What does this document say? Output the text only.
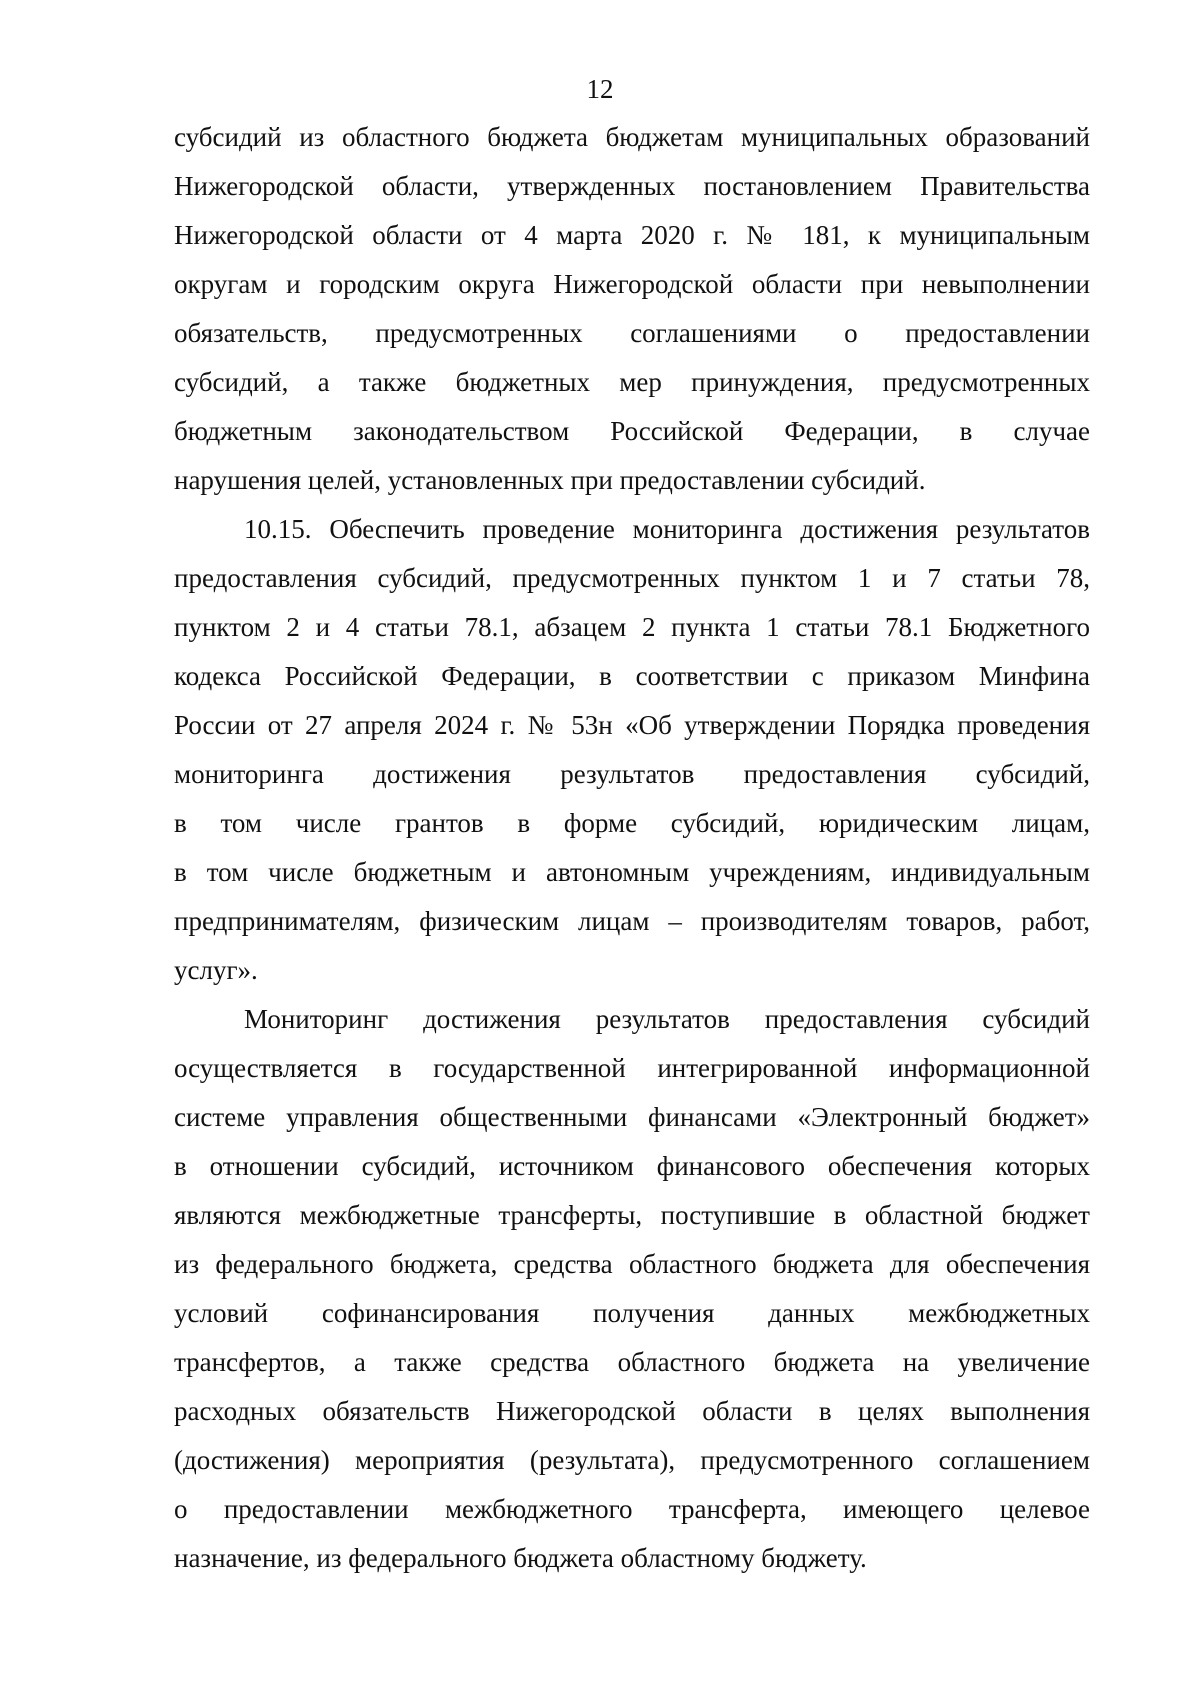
12

субсидий из областного бюджета бюджетам муниципальных образований
Нижегородской области, утвержденных постановлением Правительства
Нижегородской области от 4 марта 2020 г. № 181, к муниципальным
округам и городским округа Нижегородской области при невыполнении
обязательств, предусмотренных соглашениями о предоставлении
субсидий, а также бюджетных мер принуждения, предусмотренных
бюджетным законодательством Российской Федерации, в случае
нарушения целей, установленных при предоставлении субсидий.

10.15. Обеспечить проведение мониторинга достижения результатов
предоставления субсидий, предусмотренных пунктом 1 и 7 статьи 78,
пунктом 2 и 4 статьи 78.1, абзацем 2 пункта 1 статьи 78.1 Бюджетного
кодекса Российской Федерации, в соответствии с приказом Минфина
России от 27 апреля 2024 г. № 53н «Об утверждении Порядка проведения
мониторинга достижения результатов предоставления субсидий,
в том числе грантов в форме субсидий, юридическим лицам,
в том числе бюджетным и автономным учреждениям, индивидуальным
предпринимателям, физическим лицам – производителям товаров, работ,
услуг».

Мониторинг достижения результатов предоставления субсидий
осуществляется в государственной интегрированной информационной
системе управления общественными финансами «Электронный бюджет»
в отношении субсидий, источником финансового обеспечения которых
являются межбюджетные трансферты, поступившие в областной бюджет
из федерального бюджета, средства областного бюджета для обеспечения
условий софинансирования получения данных межбюджетных
трансфертов, а также средства областного бюджета на увеличение
расходных обязательств Нижегородской области в целях выполнения
(достижения) мероприятия (результата), предусмотренного соглашением
о предоставлении межбюджетного трансферта, имеющего целевое
назначение, из федерального бюджета областному бюджету.
